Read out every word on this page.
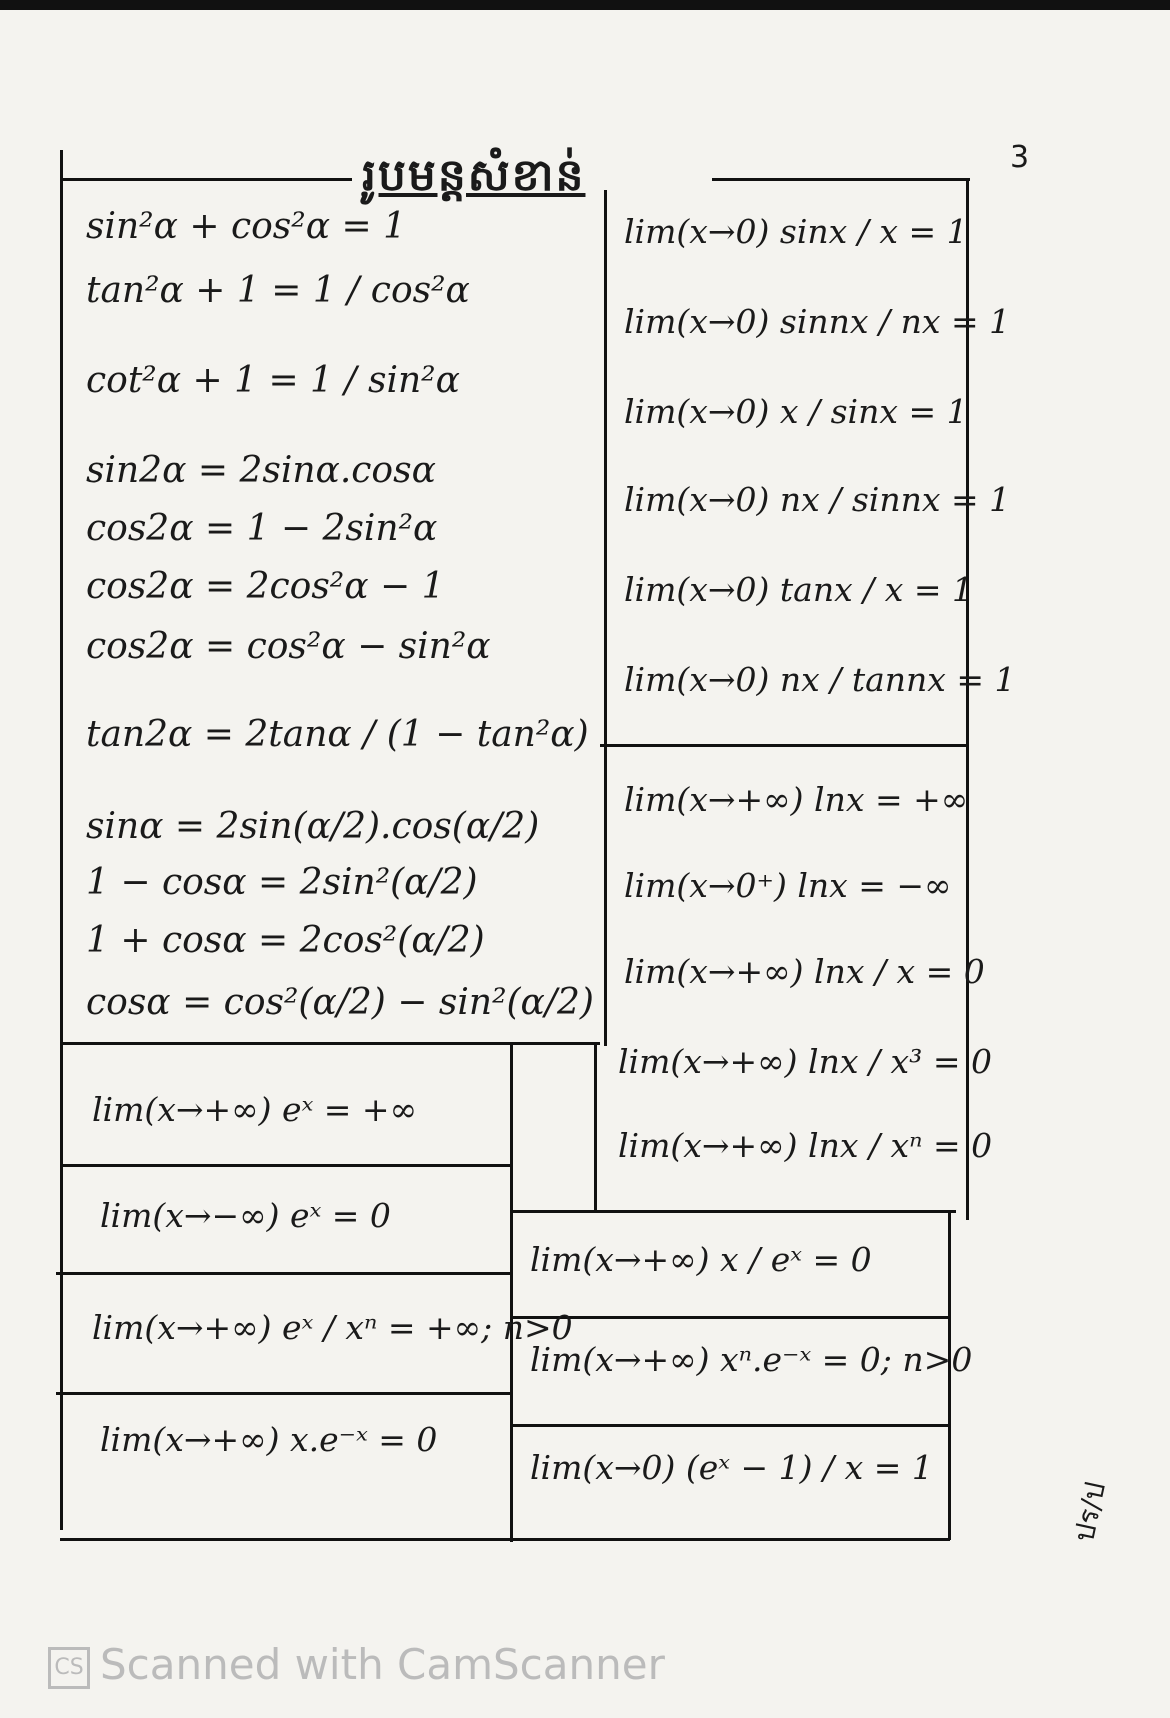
3
រូបមន្តសំខាន់
sin²α + cos²α = 1
tan²α + 1 = 1 / cos²α
cot²α + 1 = 1 / sin²α
sin2α = 2sinα.cosα
cos2α = 1 − 2sin²α
cos2α = 2cos²α − 1
cos2α = cos²α − sin²α
tan2α = 2tanα / (1 − tan²α)
sinα = 2sin(α/2).cos(α/2)
1 − cosα = 2sin²(α/2)
1 + cosα = 2cos²(α/2)
cosα = cos²(α/2) − sin²(α/2)
lim(x→0) sinx / x = 1
lim(x→0) sinnx / nx = 1
lim(x→0) x / sinx = 1
lim(x→0) nx / sinnx = 1
lim(x→0) tanx / x = 1
lim(x→0) nx / tannx = 1
lim(x→+∞) lnx = +∞
lim(x→0⁺) lnx = −∞
lim(x→+∞) lnx / x = 0
lim(x→+∞) lnx / x³ = 0
lim(x→+∞) lnx / xⁿ = 0
lim(x→+∞) eˣ = +∞
lim(x→−∞) eˣ = 0
lim(x→+∞) eˣ / xⁿ = +∞; n>0
lim(x→+∞) x.e⁻ˣ = 0
lim(x→+∞) x / eˣ = 0
lim(x→+∞) xⁿ.e⁻ˣ = 0; n>0
lim(x→0) (eˣ − 1) / x = 1
ปร/ป
CS Scanned with CamScanner
